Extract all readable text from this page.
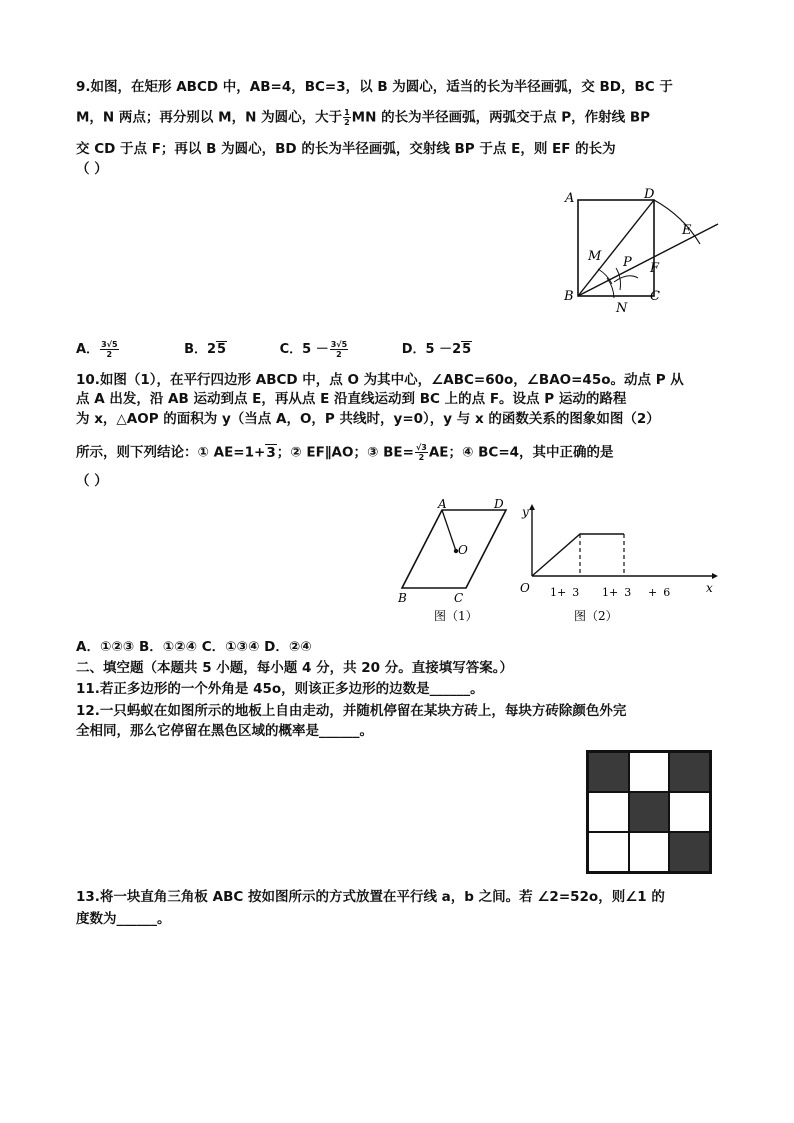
9.如图，在矩形 ABCD 中，AB=4，BC=3，以 B 为圆心，适当的长为半径画弧，交 BD，BC 于
M，N 两点；再分别以 M，N 为圆心，大于 $\frac{1}{2}$ MN 的长为半径画弧，两弧交于点 P，作射线 BP
交 CD 于点 F；再以 B 为圆心，BD 的长为半径画弧，交射线 BP 于点 E，则 EF 的长为
（ ）
A	D
E
F
M P
B
N
C
A． $\frac{3√5}{2}$	B．25	C．$5 - \frac{3√5}{2}$	D．5 －25
10.如图（1），在平行四边形 ABCD 中，点 O 为其中心，∠ABC=60o，∠BAO=45o。动点 P 从
点 A 出发，沿 AB 运动到点 E，再从点 E 沿直线运动到 BC 上的点 F。设点 P 运动的路程
为 x，△AOP 的面积为 y（当点 A，O，P 共线时，y=0），y 与 x 的函数关系的图象如图（2）
所示，则下列结论：① AE=1+3；② EF∥AO；③ $BE= \frac{√3}{2}$ AE；④ BC=4，其中正确的是
（ ）
A	D
O
B	C
图（1）
y
x
O 1+ 3 1+ 3 + 6
图（2）
A．①②③ B．①②④ C．①③④ D．②④
二、填空题（本题共 5 小题，每小题 4 分，共 20 分。直接填写答案。）
11.若正多边形的一个外角是 45o，则该正多边形的边数是______。
12.一只蚂蚁在如图所示的地板上自由走动，并随机停留在某块方砖上，每块方砖除颜色外完
全相同，那么它停留在黑色区域的概率是______。
13.将一块直角三角板 ABC 按如图所示的方式放置在平行线 a，b 之间。若 ∠2=52o，则∠1 的
度数为______。
